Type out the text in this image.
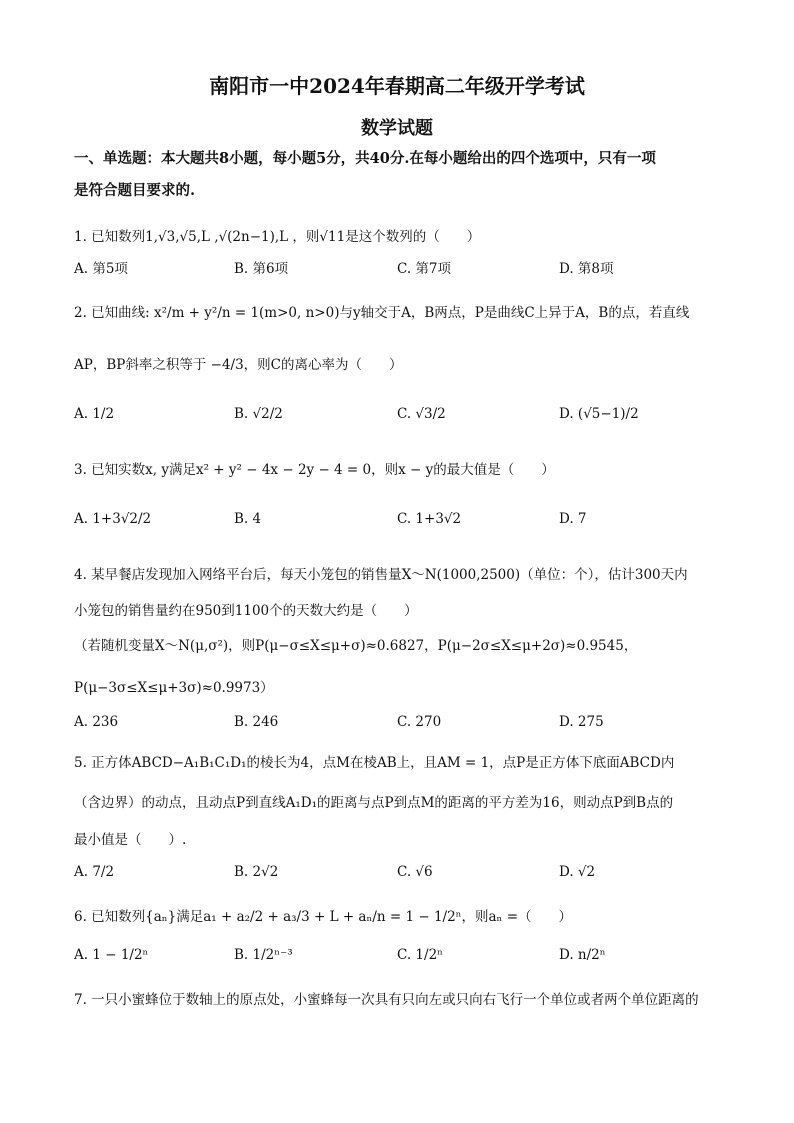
南阳市一中2024年春期高二年级开学考试
数学试题
一、单选题：本大题共8小题，每小题5分，共40分.在每小题给出的四个选项中，只有一项
是符合题目要求的.
1. 已知数列1,√3,√5,L ,√(2n−1),L ，则√11是这个数列的（　　）
A. 第5项	B. 第6项	C. 第7项	D. 第8项
2. 已知曲线: x²/m + y²/n = 1(m>0, n>0)与y轴交于A，B两点，P是曲线C上异于A，B的点，若直线
AP，BP斜率之积等于 −4/3，则C的离心率为（　　）
A. 1/2	B. √2/2	C. √3/2	D. (√5−1)/2
3. 已知实数x, y满足x² + y² − 4x − 2y − 4 = 0，则x − y的最大值是（　　）
A. 1+3√2/2	B. 4	C. 1+3√2	D. 7
4. 某早餐店发现加入网络平台后，每天小笼包的销售量X～N(1000,2500)（单位：个），估计300天内
小笼包的销售量约在950到1100个的天数大约是（　　）
（若随机变量X～N(μ,σ²)，则P(μ−σ≤X≤μ+σ)≈0.6827，P(μ−2σ≤X≤μ+2σ)≈0.9545，
P(μ−3σ≤X≤μ+3σ)≈0.9973）
A. 236	B. 246	C. 270	D. 275
5. 正方体ABCD−A₁B₁C₁D₁的棱长为4，点M在棱AB上，且AM = 1，点P是正方体下底面ABCD内
（含边界）的动点，且动点P到直线A₁D₁的距离与点P到点M的距离的平方差为16，则动点P到B点的
最小值是（　　）.
A. 7/2	B. 2√2	C. √6	D. √2
6. 已知数列{aₙ}满足a₁ + a₂/2 + a₃/3 + L + aₙ/n = 1 − 1/2ⁿ，则aₙ =（　　）
A. 1 − 1/2ⁿ	B. 1/2ⁿ⁻³	C. 1/2ⁿ	D. n/2ⁿ
7. 一只小蜜蜂位于数轴上的原点处，小蜜蜂每一次具有只向左或只向右飞行一个单位或者两个单位距离的
